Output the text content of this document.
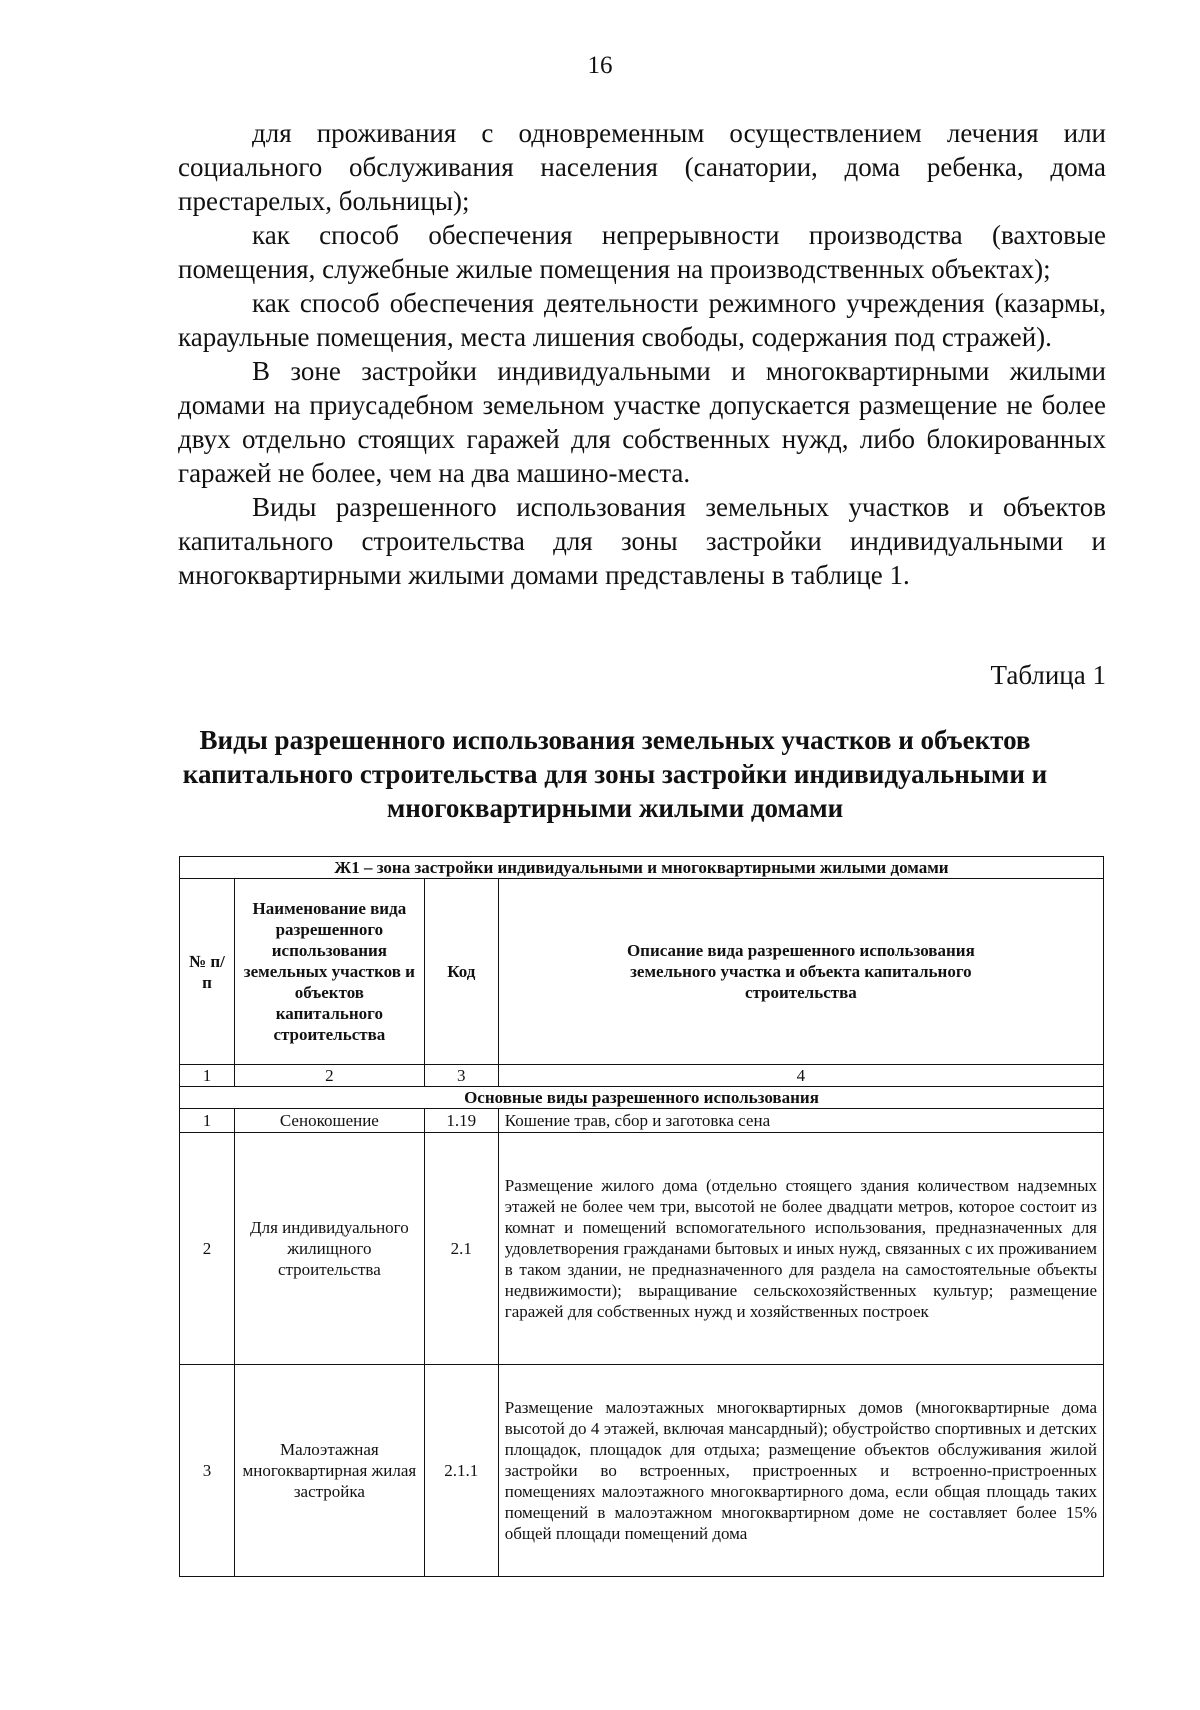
16

для проживания с одновременным осуществлением лечения или социального обслуживания населения (санатории, дома ребенка, дома престарелых, больницы);

как способ обеспечения непрерывности производства (вахтовые помещения, служебные жилые помещения на производственных объектах);

как способ обеспечения деятельности режимного учреждения (казармы, караульные помещения, места лишения свободы, содержания под стражей).

В зоне застройки индивидуальными и многоквартирными жилыми домами на приусадебном земельном участке допускается размещение не более двух отдельно стоящих гаражей для собственных нужд, либо блокированных гаражей не более, чем на два машино-места.

Виды разрешенного использования земельных участков и объектов капитального строительства для зоны застройки индивидуальными и многоквартирными жилыми домами представлены в таблице 1.

Таблица 1
Виды разрешенного использования земельных участков и объектов капитального строительства для зоны застройки индивидуальными и многоквартирными жилыми домами
Ж1 – зона застройки индивидуальными и многоквартирными жилыми домами			
№ п/п	Наименование вида разрешенного использования земельных участков и объектов капитального строительства	Код	Описание вида разрешенного использования земельного участка и объекта капитального строительства
1	2	3	4
Основные виды разрешенного использования			
1	Сенокошение	1.19	Кошение трав, сбор и заготовка сена
2	Для индивидуального жилищного строительства	2.1	Размещение жилого дома (отдельно стоящего здания количеством надземных этажей не более чем три, высотой не более двадцати метров, которое состоит из комнат и помещений вспомогательного использования, предназначенных для удовлетворения гражданами бытовых и иных нужд, связанных с их проживанием в таком здании, не предназначенного для раздела на самостоятельные объекты недвижимости); выращивание сельскохозяйственных культур; размещение гаражей для собственных нужд и хозяйственных построек
3	Малоэтажная многоквартирная жилая застройка	2.1.1	Размещение малоэтажных многоквартирных домов (многоквартирные дома высотой до 4 этажей, включая мансардный); обустройство спортивных и детских площадок, площадок для отдыха; размещение объектов обслуживания жилой застройки во встроенных, пристроенных и встроенно-пристроенных помещениях малоэтажного многоквартирного дома, если общая площадь таких помещений в малоэтажном многоквартирном доме не составляет более 15% общей площади помещений дома
